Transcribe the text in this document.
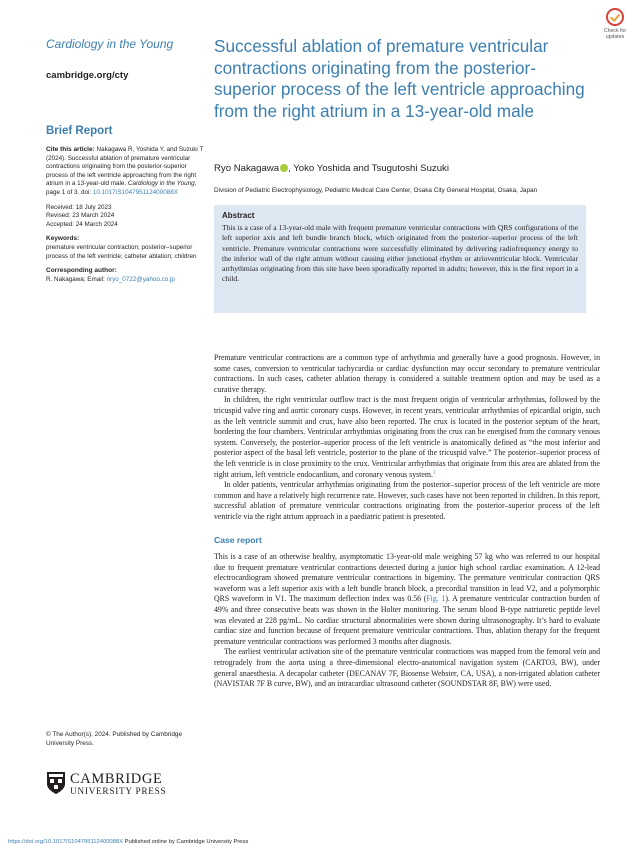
Cardiology in the Young
cambridge.org/cty
Brief Report
Cite this article: Nakagawa R, Yoshida Y, and Suzuki T (2024). Successful ablation of premature ventricular contractions originating from the posterior-superior process of the left ventricle approaching from the right atrium in a 13-year-old male. Cardiology in the Young, page 1 of 3. doi: 10.1017/S104795112400088X
Received: 18 July 2023
Revised: 23 March 2024
Accepted: 24 March 2024
Keywords:
premature ventricular contraction; posterior–superior process of the left ventricle; catheter ablation; children
Corresponding author:
R. Nakagawa; Email: nryo_0722@yahoo.co.jp
Check for updates
Successful ablation of premature ventricular contractions originating from the posterior-superior process of the left ventricle approaching from the right atrium in a 13-year-old male
Ryo Nakagawa , Yoko Yoshida and Tsugutoshi Suzuki
Division of Pediatric Electrophysiology, Pediatric Medical Care Center, Osaka City General Hospital, Osaka, Japan
Abstract
This is a case of a 13-year-old male with frequent premature ventricular contractions with QRS configurations of the left superior axis and left bundle branch block, which originated from the posterior–superior process of the left ventricle. Premature ventricular contractions were successfully eliminated by delivering radiofrequency energy to the inferior wall of the right atrium without causing either junctional rhythm or atrioventricular block. Ventricular arrhythmias originating from this site have been sporadically reported in adults; however, this is the first report in a child.

Premature ventricular contractions are a common type of arrhythmia and generally have a good prognosis. However, in some cases, conversion to ventricular tachycardia or cardiac dysfunction may occur secondary to premature ventricular contractions. In such cases, catheter ablation therapy is considered a suitable treatment option and may be used as a curative therapy.

In children, the right ventricular outflow tract is the most frequent origin of ventricular arrhythmias, followed by the tricuspid valve ring and aortic coronary cusps. However, in recent years, ventricular arrhythmias of epicardial origin, such as the left ventricle summit and crux, have also been reported. The crux is located in the posterior septum of the heart, bordering the four chambers. Ventricular arrhythmias originating from the crux can be energised from the coronary venous system. Conversely, the posterior–superior process of the left ventricle is anatomically defined as “the most inferior and posterior aspect of the basal left ventricle, posterior to the plane of the tricuspid valve.” The posterior–superior process of the left ventricle is in close proximity to the crux. Ventricular arrhythmias that originate from this area are ablated from the right atrium, left ventricle endocardium, and coronary venous system.$^1$

In older patients, ventricular arrhythmias originating from the posterior–superior process of the left ventricle are more common and have a relatively high recurrence rate. However, such cases have not been reported in children. In this report, successful ablation of premature ventricular contractions originating from the posterior–superior process of the left ventricle via the right atrium approach in a paediatric patient is presented.

Case report

This is a case of an otherwise healthy, asymptomatic 13-year-old male weighing 57 kg who was referred to our hospital due to frequent premature ventricular contractions detected during a junior high school cardiac examination. A 12-lead electrocardiogram showed premature ventricular contractions in bigeminy. The premature ventricular contraction QRS waveform was a left superior axis with a left bundle branch block, a precordial transition in lead V2, and a polymorphic QRS waveform in V1. The maximum deflection index was 0.56 (Fig. 1). A premature ventricular contraction burden of 49% and three consecutive beats was shown in the Holter monitoring. The serum blood B-type natriuretic peptide level was elevated at 228 pg/mL. No cardiac structural abnormalities were shown during ultrasonography. It’s hard to evaluate cardiac size and function because of frequent premature ventricular contractions. Thus, ablation therapy for the frequent premature ventricular contractions was performed 3 months after diagnosis.

The earliest ventricular activation site of the premature ventricular contractions was mapped from the femoral vein and retrogradely from the aorta using a three-dimensional electro-anatomical navigation system (CARTO3, BW), under general anaesthesia. A decapolar catheter (DECANAV 7F, Biosense Webster, CA, USA), a non-irrigated ablation catheter (NAVISTAR 7F B curve, BW), and an intracardiac ultrasound catheter (SOUNDSTAR 8F, BW) were used.

© The Author(s), 2024. Published by Cambridge University Press.
CAMBRIDGE
UNIVERSITY PRESS
https://doi.org/10.1017/S104795112400088X Published online by Cambridge University Press
